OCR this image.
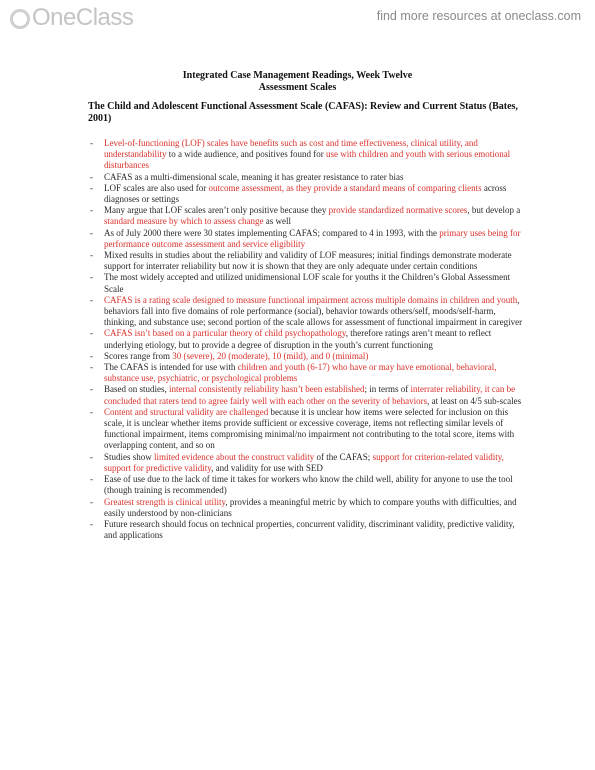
OneClass	find more resources at oneclass.com
Integrated Case Management Readings, Week Twelve
Assessment Scales
The Child and Adolescent Functional Assessment Scale (CAFAS): Review and Current Status (Bates, 2001)
- Level-of-functioning (LOF) scales have benefits such as cost and time effectiveness, clinical utility, and understandability to a wide audience, and positives found for use with children and youth with serious emotional disturbances
- CAFAS as a multi-dimensional scale, meaning it has greater resistance to rater bias
- LOF scales are also used for outcome assessment, as they provide a standard means of comparing clients across diagnoses or settings
- Many argue that LOF scales aren’t only positive because they provide standardized normative scores, but develop a standard measure by which to assess change as well
- As of July 2000 there were 30 states implementing CAFAS; compared to 4 in 1993, with the primary uses being for performance outcome assessment and service eligibility
- Mixed results in studies about the reliability and validity of LOF measures; initial findings demonstrate moderate support for interrater reliability but now it is shown that they are only adequate under certain conditions
- The most widely accepted and utilized unidimensional LOF scale for youths it the Children’s Global Assessment Scale
- CAFAS is a rating scale designed to measure functional impairment across multiple domains in children and youth, behaviors fall into five domains of role performance (social), behavior towards others/self, moods/self-harm, thinking, and substance use; second portion of the scale allows for assessment of functional impairment in caregiver
- CAFAS isn’t based on a particular theory of child psychopathology, therefore ratings aren’t meant to reflect underlying etiology, but to provide a degree of disruption in the youth’s current functioning
- Scores range from 30 (severe), 20 (moderate), 10 (mild), and 0 (minimal)
- The CAFAS is intended for use with children and youth (6-17) who have or may have emotional, behavioral, substance use, psychiatric, or psychological problems
- Based on studies, internal consistently reliability hasn’t been established; in terms of interrater reliability, it can be concluded that raters tend to agree fairly well with each other on the severity of behaviors, at least on 4/5 sub-scales
- Content and structural validity are challenged because it is unclear how items were selected for inclusion on this scale, it is unclear whether items provide sufficient or excessive coverage, items not reflecting similar levels of functional impairment, items compromising minimal/no impairment not contributing to the total score, items with overlapping content, and so on
- Studies show limited evidence about the construct validity of the CAFAS; support for criterion-related validity, support for predictive validity, and validity for use with SED
- Ease of use due to the lack of time it takes for workers who know the child well, ability for anyone to use the tool (though training is recommended)
- Greatest strength is clinical utility, provides a meaningful metric by which to compare youths with difficulties, and easily understood by non-clinicians
- Future research should focus on technical properties, concurrent validity, discriminant validity, predictive validity, and applications
